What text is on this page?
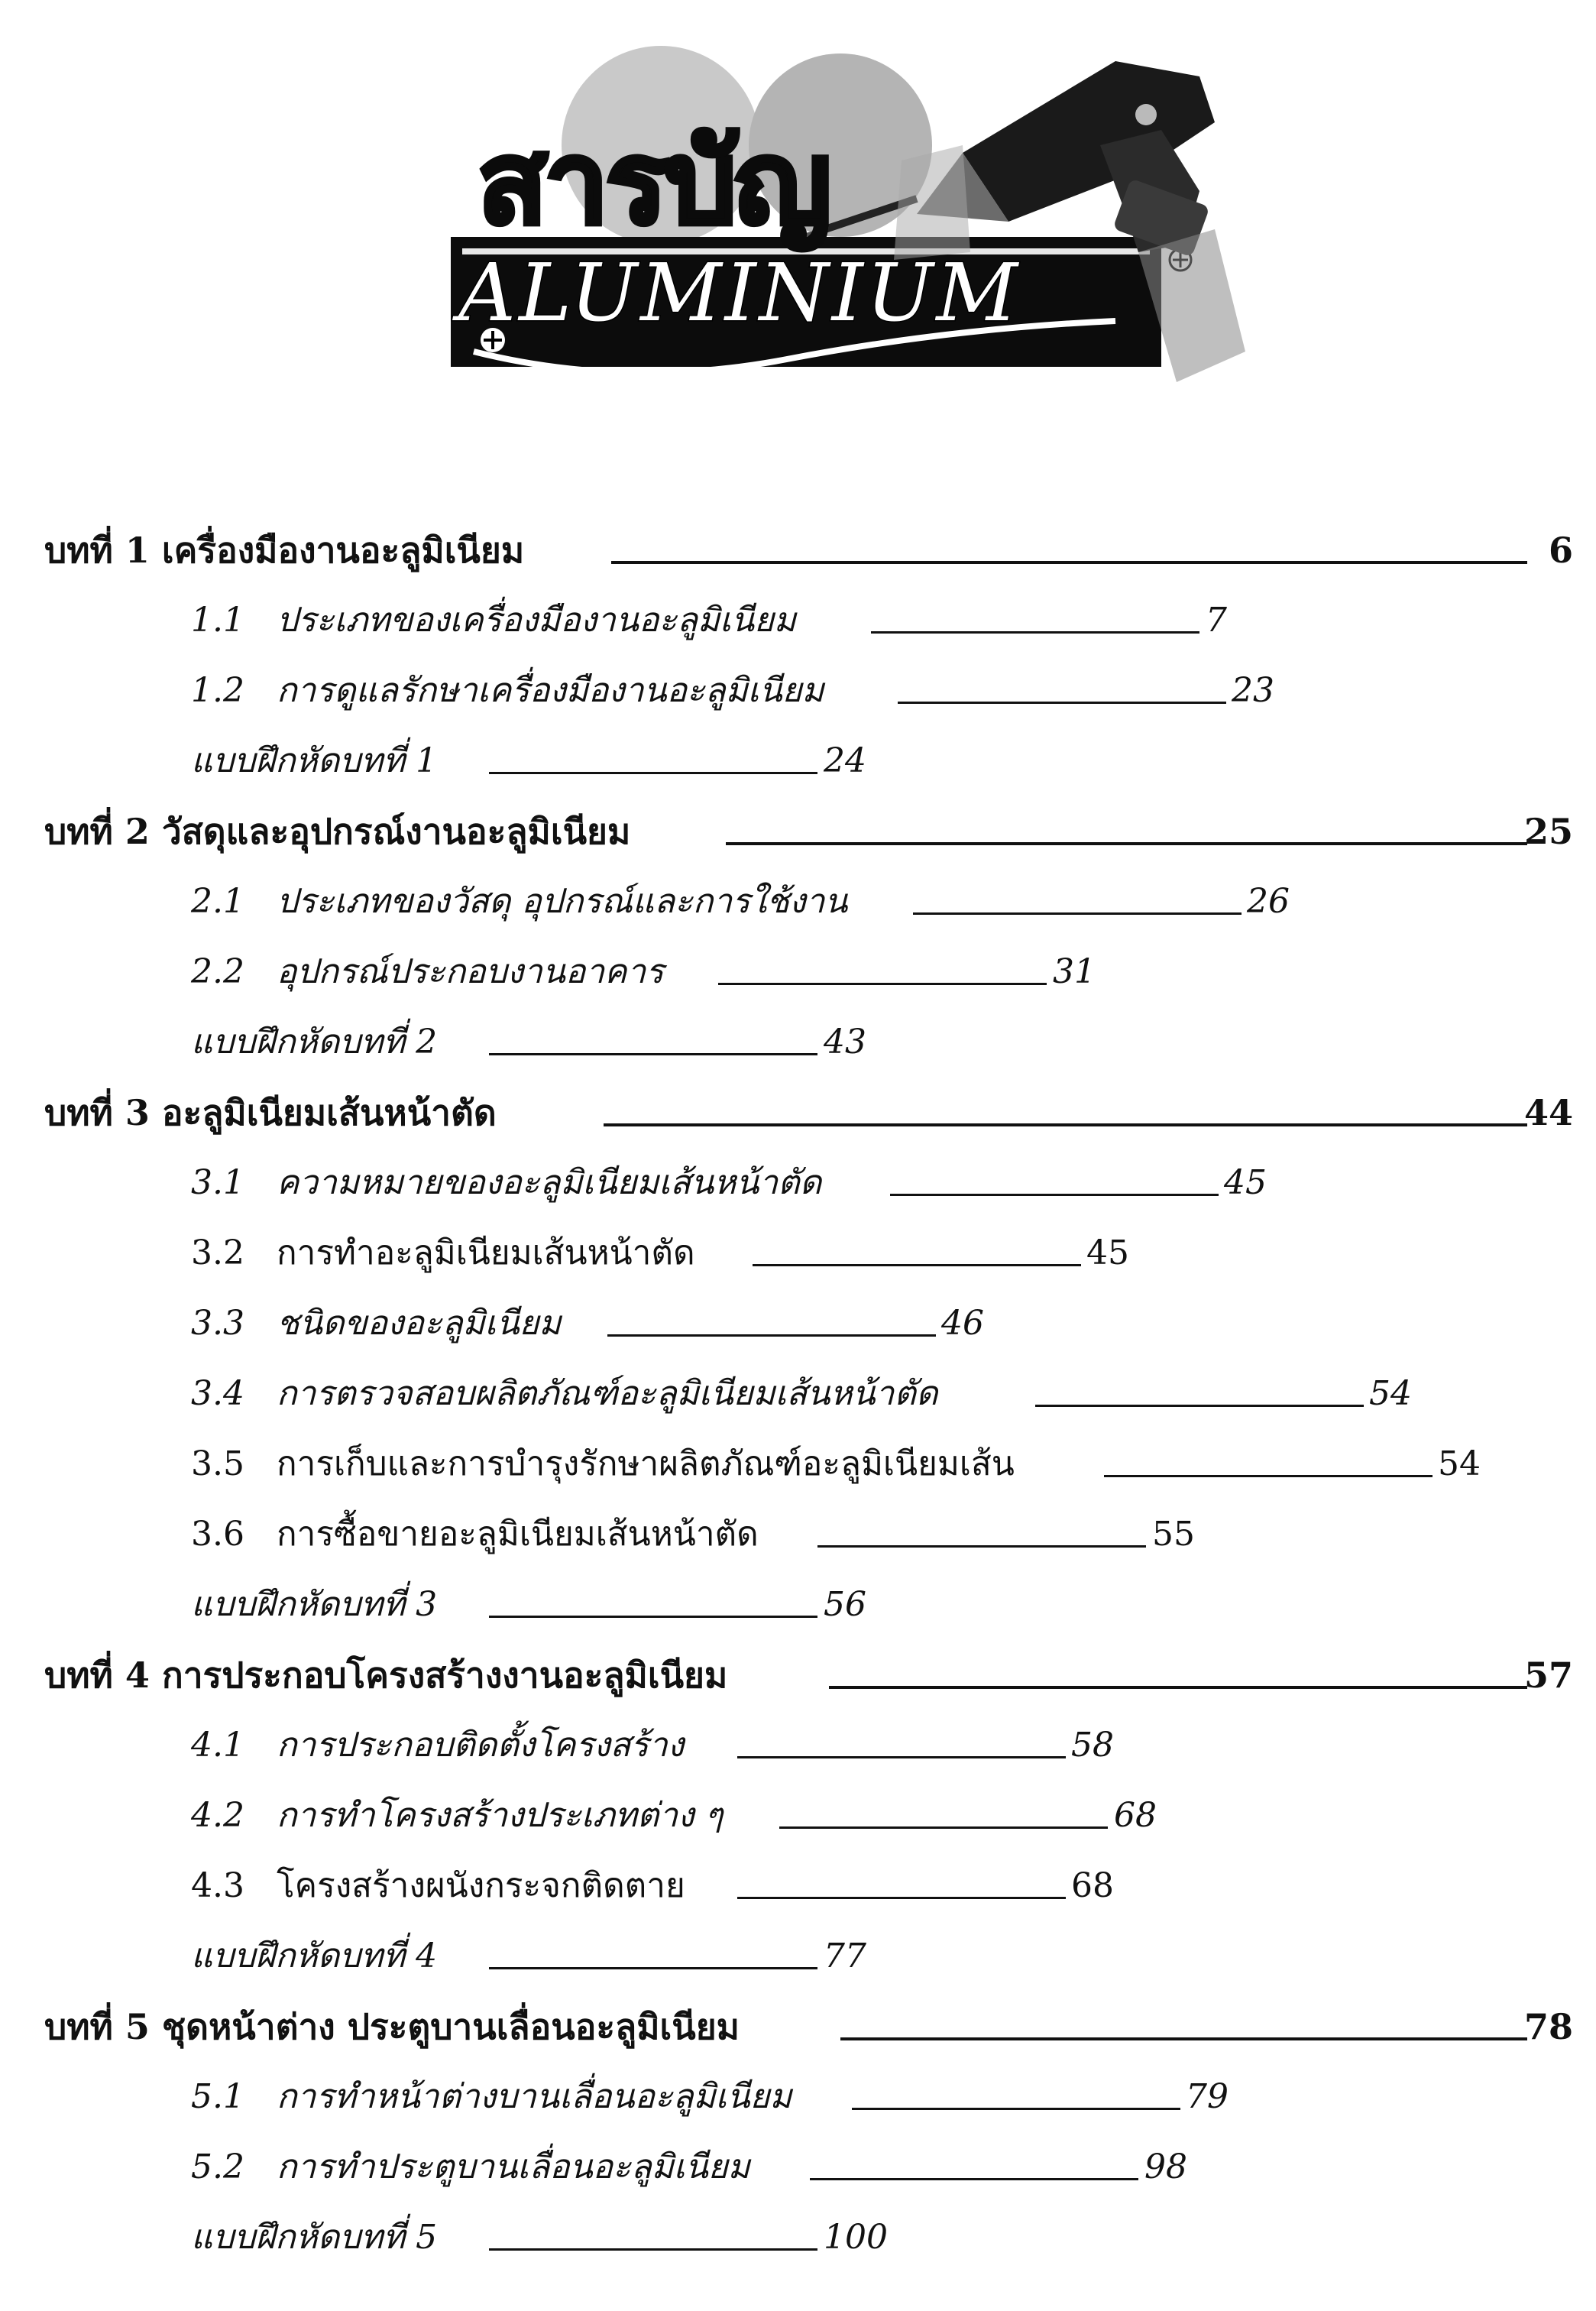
สารบัญ
ALUMINIUM
บทที่ 1 เครื่องมืองานอะลูมิเนียม	6
1.1 ประเภทของเครื่องมืองานอะลูมิเนียม	7
1.2 การดูแลรักษาเครื่องมืองานอะลูมิเนียม	23
แบบฝึกหัดบทที่ 1	24
บทที่ 2 วัสดุและอุปกรณ์งานอะลูมิเนียม	25
2.1 ประเภทของวัสดุ อุปกรณ์และการใช้งาน	26
2.2 อุปกรณ์ประกอบงานอาคาร	31
แบบฝึกหัดบทที่ 2	43
บทที่ 3 อะลูมิเนียมเส้นหน้าตัด	44
3.1 ความหมายของอะลูมิเนียมเส้นหน้าตัด	45
3.2 การทำอะลูมิเนียมเส้นหน้าตัด	45
3.3 ชนิดของอะลูมิเนียม	46
3.4 การตรวจสอบผลิตภัณฑ์อะลูมิเนียมเส้นหน้าตัด	54
3.5 การเก็บและการบำรุงรักษาผลิตภัณฑ์อะลูมิเนียมเส้น	54
3.6 การซื้อขายอะลูมิเนียมเส้นหน้าตัด	55
แบบฝึกหัดบทที่ 3	56
บทที่ 4 การประกอบโครงสร้างงานอะลูมิเนียม	57
4.1 การประกอบติดตั้งโครงสร้าง	58
4.2 การทำโครงสร้างประเภทต่าง ๆ	68
4.3 โครงสร้างผนังกระจกติดตาย	68
แบบฝึกหัดบทที่ 4	77
บทที่ 5 ชุดหน้าต่าง ประตูบานเลื่อนอะลูมิเนียม	78
5.1 การทำหน้าต่างบานเลื่อนอะลูมิเนียม	79
5.2 การทำประตูบานเลื่อนอะลูมิเนียม	98
แบบฝึกหัดบทที่ 5	100
